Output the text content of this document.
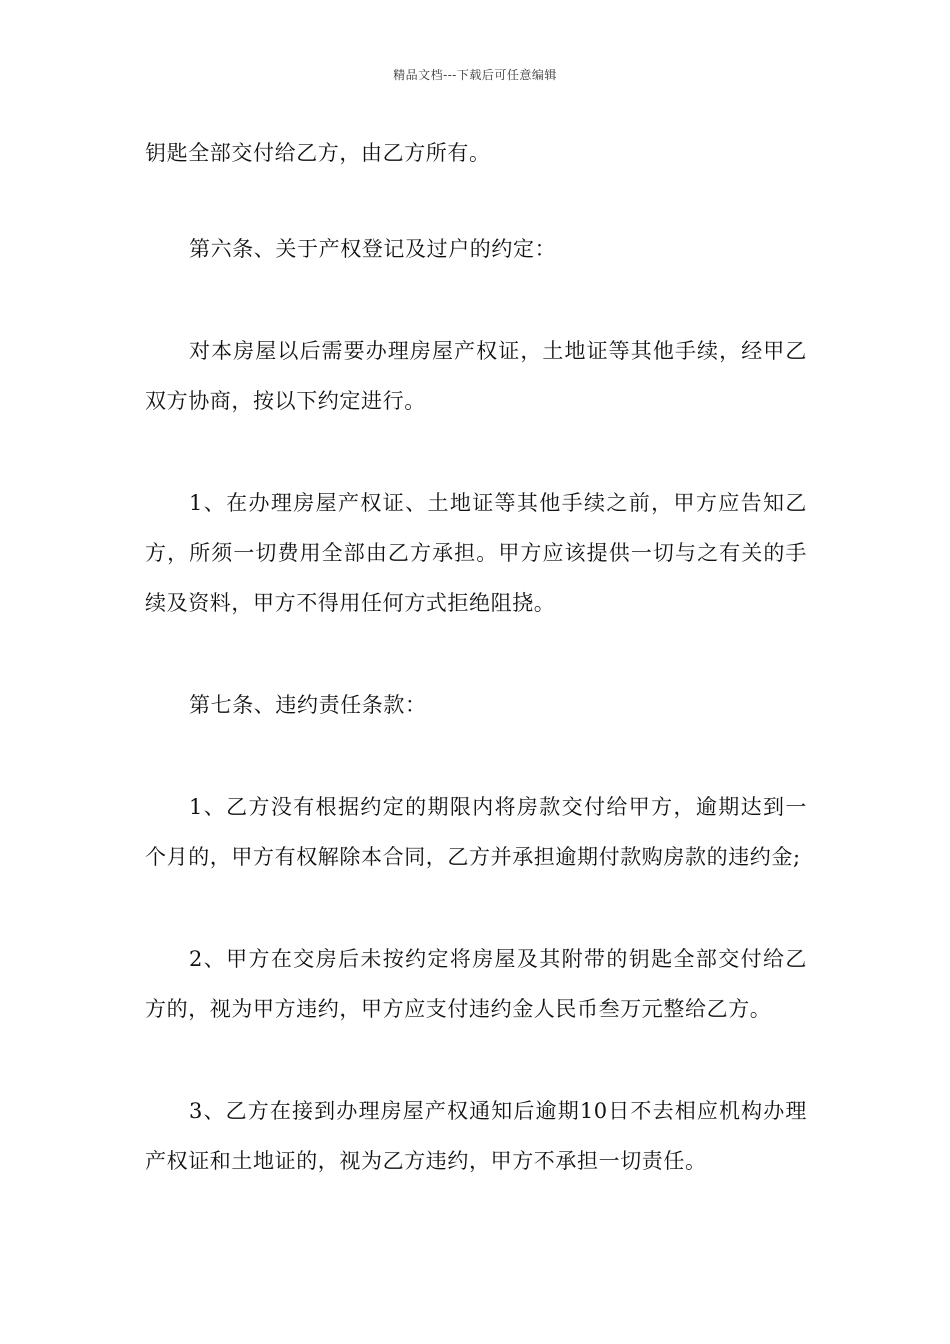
精品文档---下载后可任意编辑

钥匙全部交付给乙方，由乙方所有。

第六条、关于产权登记及过户的约定：

对本房屋以后需要办理房屋产权证，土地证等其他手续，经甲乙双方协商，按以下约定进行。

1、在办理房屋产权证、土地证等其他手续之前，甲方应告知乙方，所须一切费用全部由乙方承担。甲方应该提供一切与之有关的手续及资料，甲方不得用任何方式拒绝阻挠。

第七条、违约责任条款：

1、乙方没有根据约定的期限内将房款交付给甲方，逾期达到一个月的，甲方有权解除本合同，乙方并承担逾期付款购房款的违约金;

2、甲方在交房后未按约定将房屋及其附带的钥匙全部交付给乙方的，视为甲方违约，甲方应支付违约金人民币叁万元整给乙方。

3、乙方在接到办理房屋产权通知后逾期10日不去相应机构办理产权证和土地证的，视为乙方违约，甲方不承担一切责任。
